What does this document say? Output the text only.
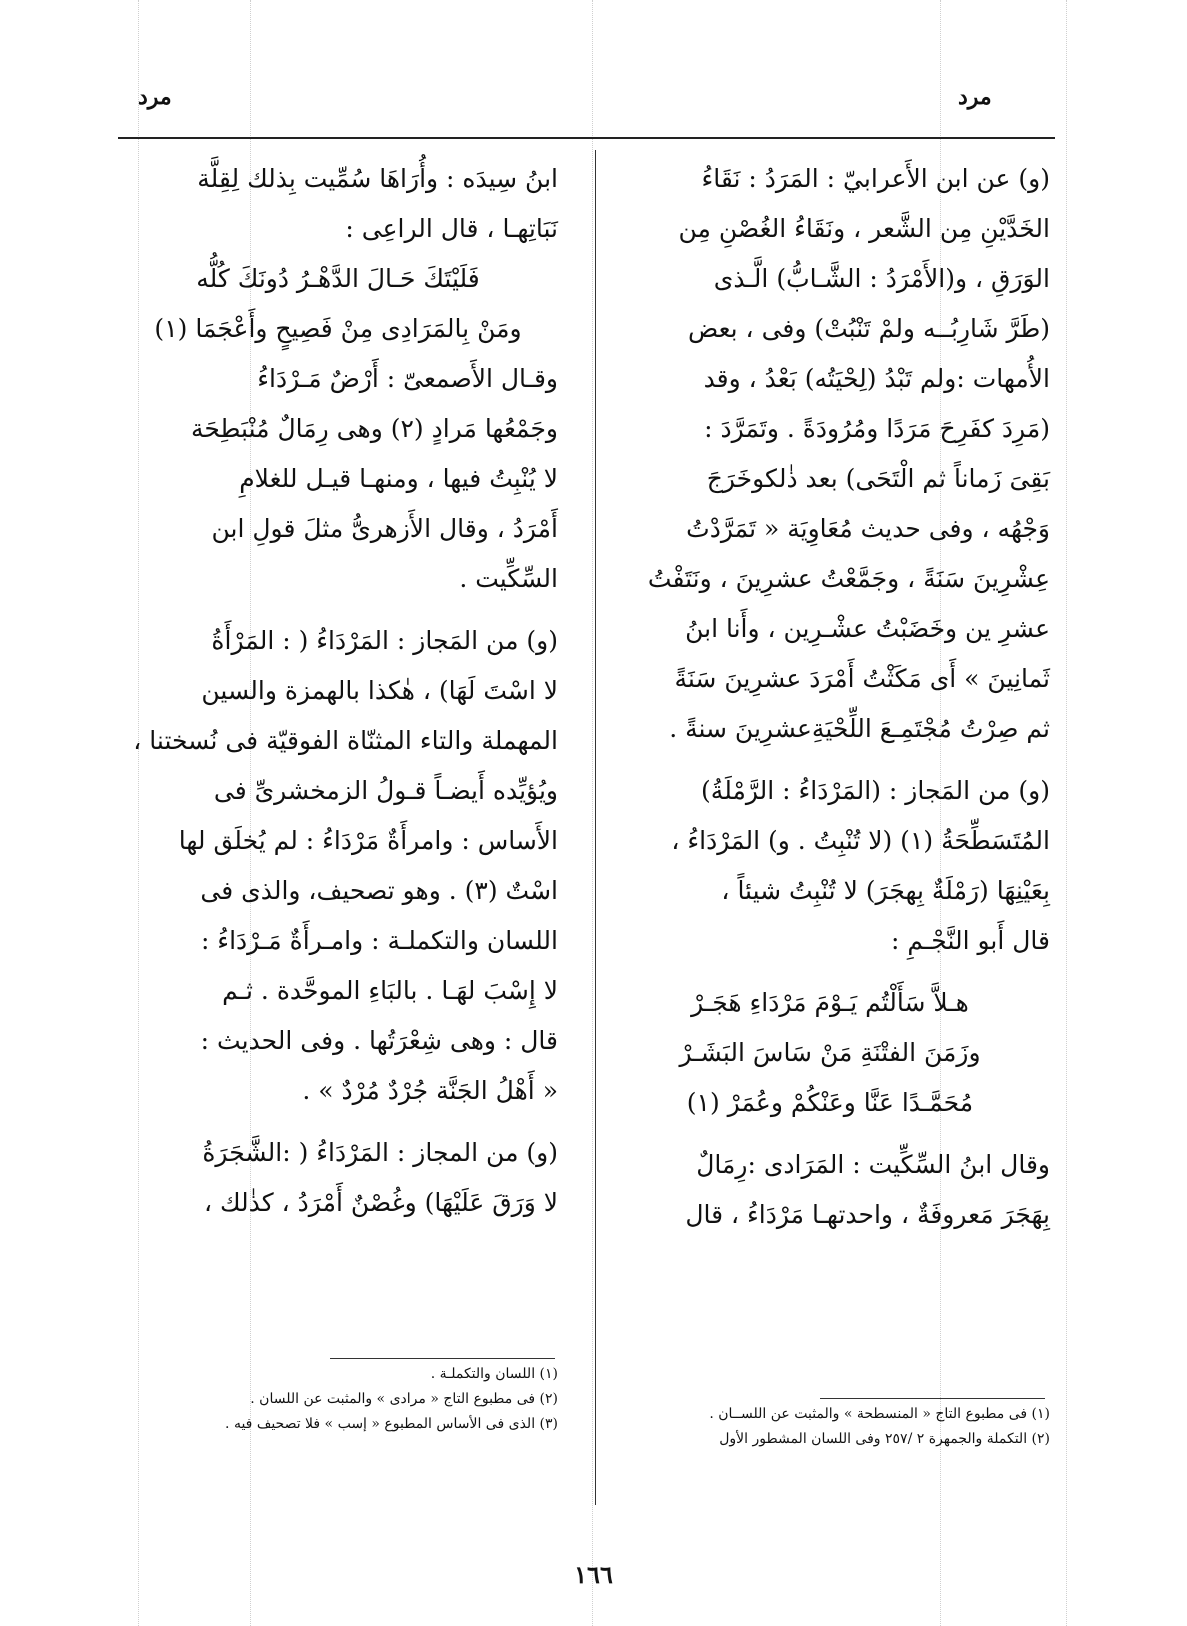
مرد	مرد
(و) عن ابن الأَعرابيّ : المَرَدُ : نَقَاءُ
الخَدَّيْنِ مِن الشَّعر ، ونَقَاءُ الغُصْنِ مِن
الوَرَقِ ، و(الأَمْرَدُ : الشَّـابُّ) الَّـذى
(طَرَّ شَارِبُــه ولمْ تَنْبُتْ) وفى ، بعض
الأُمهات :ولم تَبْدُ (لِحْيَتُه) بَعْدُ ، وقد
(مَرِدَ كفَرِحَ مَرَدًا ومُرُودَةً . وتَمَرَّدَ :
بَقِىَ زَماناً ثم الْتَحَى) بعد ذٰلكوخَرَجَ
وَجْهُه ، وفى حديث مُعَاوِيَة « تَمَرَّدْتُ
عِشْرِينَ سَنَةً ، وجَمَّعْتُ عشرِينَ ، ونَتَفْتُ
عشرِ ين وخَضَبْتُ عشْـرِين ، وأَنا ابنُ
ثَمانِينَ » أَى مَكَثْتُ أَمْرَدَ عشرِينَ سَنَةً
ثم صِرْتُ مُجْتَمِـعَ اللِّحْيَةِعشرِينَ سنةً .
(و) من المَجاز : (المَرْدَاءُ : الرَّمْلَةُ)
المُتَسَطِّحَةُ (١) (لا تُنْبِتُ . و) المَرْدَاءُ ،
بِعَيْنِهَا (رَمْلَةٌ بِهجَرَ) لا تُنْبِتُ شيئاً ،
قال أَبو النَّجْـمِ :
هـلاَّ سَأَلْتُم يَـوْمَ مَرْدَاءِ هَجَـرْ
وزَمَنَ الفتْنَةِ مَنْ سَاسَ البَشَـرْ
مُحَمَّـدًا عَنَّا وعَنْكُمْ وعُمَرْ (١)
وقال ابنُ السِّكِّيت : المَرَادى :رِمَالٌ
بِهَجَرَ مَعروفَةٌ ، واحدتهـا مَرْدَاءُ ، قال
ابنُ سِيدَه : وأُرَاهَا سُمِّيت بِذلك لِقِلَّة
نَبَاتِهـا ، قال الراعِى :
فَلَيْتَكَ حَـالَ الدَّهْـرُ دُونَكَ كُلُّه
ومَنْ بِالمَرَادِى مِنْ فَصِيحٍ وأَعْجَمَا (١)
وقـال الأَصمعىّ : أَرْضٌ مَـرْدَاءُ
وجَمْعُها مَرادٍ (٢) وهى رِمَالٌ مُنْبَطِحَة
لا يُنْبِتُ فيها ، ومنهـا قيـل للغلامِ
أَمْرَدُ ، وقال الأَزهرىُّ مثلَ قولِ ابن
السِّكِّيت .
(و) من المَجاز : المَرْدَاءُ ( : المَرْأَةُ
لا اسْتَ لَهَا) ، هٰكذا بالهمزة والسين
المهملة والتاء المثنّاة الفوقيّة فى نُسختنا ،
ويُؤيِّده أَيضـاً قـولُ الزمخشرىِّ فى
الأَساس : وامرأَةٌ مَرْدَاءُ : لم يُخلَق لها
اسْتٌ (٣) . وهو تصحيف، والذى فى
اللسان والتكملـة : وامـرأَةٌ مَـرْدَاءُ :
لا إِسْبَ لهَـا . بالبَاءِ الموحَّدة . ثـم
قال : وهى شِعْرَتُها . وفى الحديث :
« أَهْلُ الجَنَّة جُرْدٌ مُرْدٌ » .
(و) من المجاز : المَرْدَاءُ ( :الشَّجَرَةُ
لا وَرَقَ عَلَيْهَا) وغُصْنٌ أَمْرَدُ ، كذٰلك ،
(١) اللسان والتكملـة .
(٢) فى مطبوع التاج « مرادى » والمثبت عن اللسان .
(٣) الذى فى الأساس المطبوع « إسب » فلا تصحيف فيه .
(١) فى مطبوع التاج « المنسطحة » والمثبت عن اللســان .
(٢) التكملة والجمهرة ٢ /٢٥٧ وفى اللسان المشطور الأول
١٦٦
